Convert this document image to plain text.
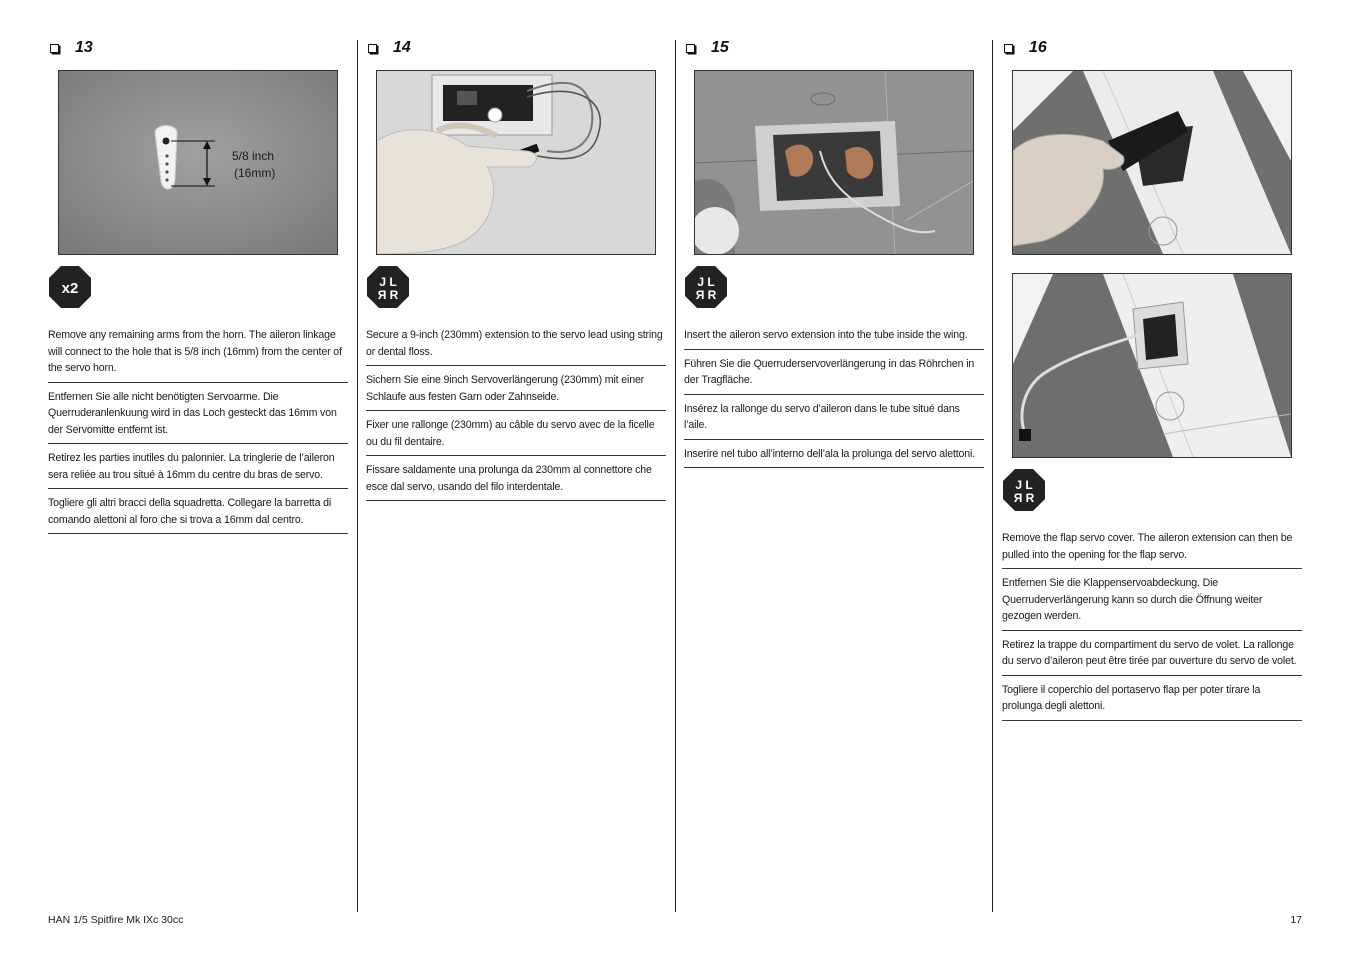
13
5/8 inch
(16mm)
x2

Remove any remaining arms from the horn. The aileron linkage will connect to the hole that is 5/8 inch (16mm) from the center of the servo horn.

Entfernen Sie alle nicht benötigten Servoarme. Die Querruderanlenkuung wird in das Loch gesteckt das 16mm von der Servomitte entfernt ist.

Retirez les parties inutiles du palonnier. La tringlerie de l’aileron sera reliée au trou situé à 16mm du centre du bras de servo.

Togliere gli altri bracci della squadretta. Collegare la barretta di comando alettoni al foro che si trova a 16mm dal centro.

14
J L
Я R

Secure a 9-inch (230mm) extension to the servo lead using string or dental floss.

Sichern Sie eine 9inch Servoverlängerung (230mm) mit einer Schlaufe aus festen Garn oder Zahnseide.

Fixer une rallonge (230mm) au câble du servo avec de la ficelle ou du fil dentaire.

Fissare saldamente una prolunga da 230mm al connettore che esce dal servo, usando del filo interdentale.

15
J L
Я R

Insert the aileron servo extension into the tube inside the wing.

Führen Sie die Querruderservoverlängerung in das Röhrchen in der Tragfläche.

Insérez la rallonge du servo d’aileron dans le tube situé dans l’aile.

Inserire nel tubo all’interno dell’ala la prolunga del servo alettoni.

16
J L
Я R

Remove the flap servo cover. The aileron extension can then be pulled into the opening for the flap servo.

Entfernen Sie die Klappenservoabdeckung. Die Querruderverlängerung kann so durch die Öffnung weiter gezogen werden.

Retirez la trappe du compartiment du servo de volet. La rallonge du servo d’aileron peut être tirée par ouverture du servo de volet.

Togliere il coperchio del portaservo flap per poter tirare la prolunga degli alettoni.

HAN 1/5 Spitfire Mk IXc 30cc	17
